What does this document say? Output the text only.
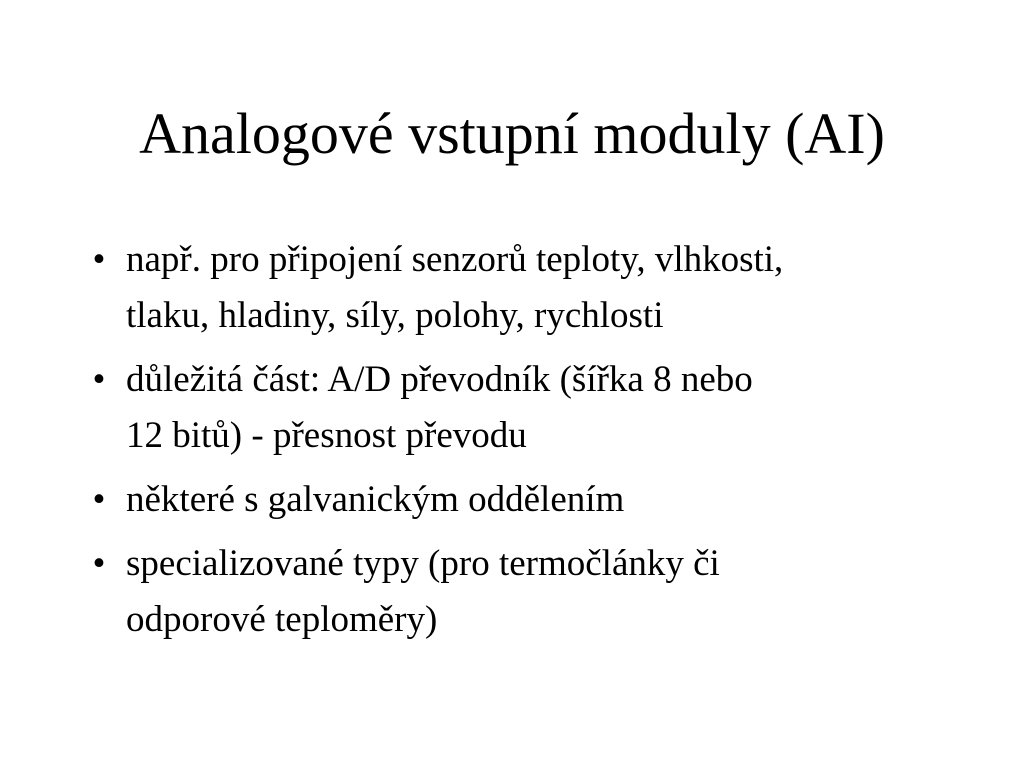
Analogové vstupní moduly (AI)
• např. pro připojení senzorů teploty, vlhkosti,
tlaku, hladiny, síly, polohy, rychlosti
• důležitá část: A/D převodník (šířka 8 nebo
12 bitů) - přesnost převodu
• některé s galvanickým oddělením
• specializované typy (pro termočlánky či
odporové teploměry)
